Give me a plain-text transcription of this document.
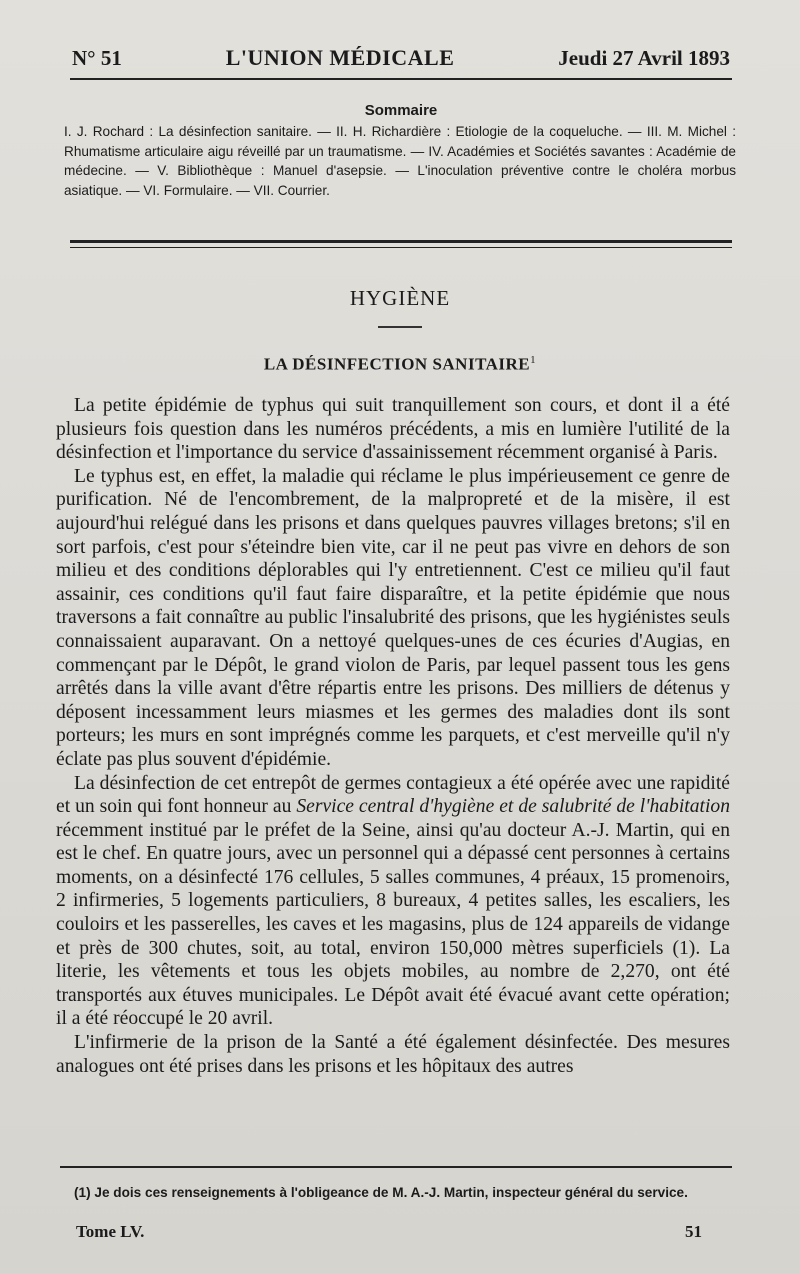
N° 51	L'UNION MÉDICALE	Jeudi 27 Avril 1893
Sommaire
I. J. Rochard : La désinfection sanitaire. — II. H. Richardière : Etiologie de la coqueluche. — III. M. Michel : Rhumatisme articulaire aigu réveillé par un traumatisme. — IV. Académies et Sociétés savantes : Académie de médecine. — V. Bibliothèque : Manuel d'asepsie. — L'inoculation préventive contre le choléra morbus asiatique. — VI. Formulaire. — VII. Courrier.
HYGIÈNE
LA DÉSINFECTION SANITAIRE$^1$

La petite épidémie de typhus qui suit tranquillement son cours, et dont il a été plusieurs fois question dans les numéros précédents, a mis en lumière l'utilité de la désinfection et l'importance du service d'assainissement récemment organisé à Paris.

Le typhus est, en effet, la maladie qui réclame le plus impérieusement ce genre de purification. Né de l'encombrement, de la malpropreté et de la misère, il est aujourd'hui relégué dans les prisons et dans quelques pauvres villages bretons; s'il en sort parfois, c'est pour s'éteindre bien vite, car il ne peut pas vivre en dehors de son milieu et des conditions déplorables qui l'y entretiennent. C'est ce milieu qu'il faut assainir, ces conditions qu'il faut faire disparaître, et la petite épidémie que nous traversons a fait connaître au public l'insalubrité des prisons, que les hygiénistes seuls connaissaient auparavant. On a nettoyé quelques-unes de ces écuries d'Augias, en commençant par le Dépôt, le grand violon de Paris, par lequel passent tous les gens arrêtés dans la ville avant d'être répartis entre les prisons. Des milliers de détenus y déposent incessamment leurs miasmes et les germes des maladies dont ils sont porteurs; les murs en sont imprégnés comme les parquets, et c'est merveille qu'il n'y éclate pas plus souvent d'épidémie.

La désinfection de cet entrepôt de germes contagieux a été opérée avec une rapidité et un soin qui font honneur au Service central d'hygiène et de salubrité de l'habitation récemment institué par le préfet de la Seine, ainsi qu'au docteur A.-J. Martin, qui en est le chef. En quatre jours, avec un personnel qui a dépassé cent personnes à certains moments, on a désinfecté 176 cellules, 5 salles communes, 4 préaux, 15 promenoirs, 2 infirmeries, 5 logements particuliers, 8 bureaux, 4 petites salles, les escaliers, les couloirs et les passerelles, les caves et les magasins, plus de 124 appareils de vidange et près de 300 chutes, soit, au total, environ 150,000 mètres superficiels (1). La literie, les vêtements et tous les objets mobiles, au nombre de 2,270, ont été transportés aux étuves municipales. Le Dépôt avait été évacué avant cette opération; il a été réoccupé le 20 avril.

L'infirmerie de la prison de la Santé a été également désinfectée. Des mesures analogues ont été prises dans les prisons et les hôpitaux des autres

(1) Je dois ces renseignements à l'obligeance de M. A.-J. Martin, inspecteur général du service.
Tome LV.	51
